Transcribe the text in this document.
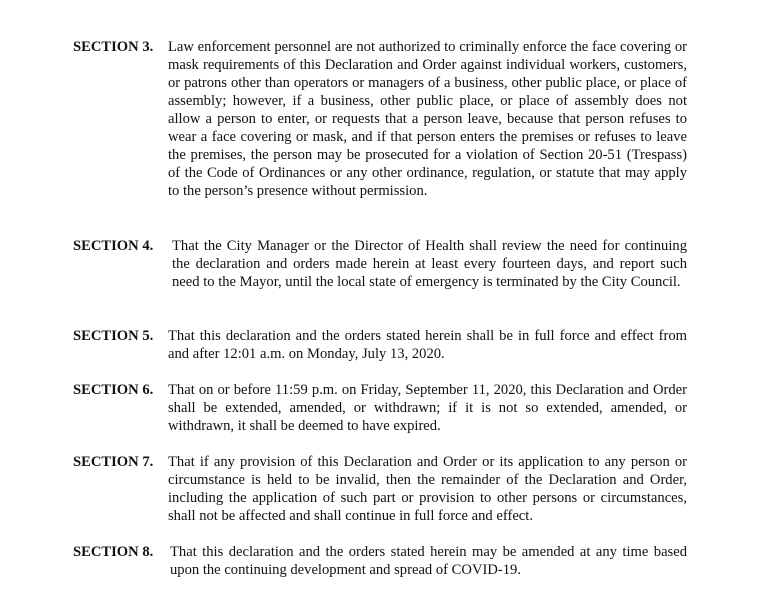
SECTION 3.	Law enforcement personnel are not authorized to criminally enforce the face covering or mask requirements of this Declaration and Order against individual workers, customers, or patrons other than operators or managers of a business, other public place, or place of assembly; however, if a business, other public place, or place of assembly does not allow a person to enter, or requests that a person leave, because that person refuses to wear a face covering or mask, and if that person enters the premises or refuses to leave the premises, the person may be prosecuted for a violation of Section 20-51 (Trespass) of the Code of Ordinances or any other ordinance, regulation, or statute that may apply to the person’s presence without permission.
SECTION 4.	That the City Manager or the Director of Health shall review the need for continuing the declaration and orders made herein at least every fourteen days, and report such need to the Mayor, until the local state of emergency is terminated by the City Council.
SECTION 5.	That this declaration and the orders stated herein shall be in full force and effect from and after 12:01 a.m. on Monday, July 13, 2020.
SECTION 6.	That on or before 11:59 p.m. on Friday, September 11, 2020, this Declaration and Order shall be extended, amended, or withdrawn; if it is not so extended, amended, or withdrawn, it shall be deemed to have expired.
SECTION 7.	That if any provision of this Declaration and Order or its application to any person or circumstance is held to be invalid, then the remainder of the Declaration and Order, including the application of such part or provision to other persons or circumstances, shall not be affected and shall continue in full force and effect.
SECTION 8.	That this declaration and the orders stated herein may be amended at any time based upon the continuing development and spread of COVID-19.
